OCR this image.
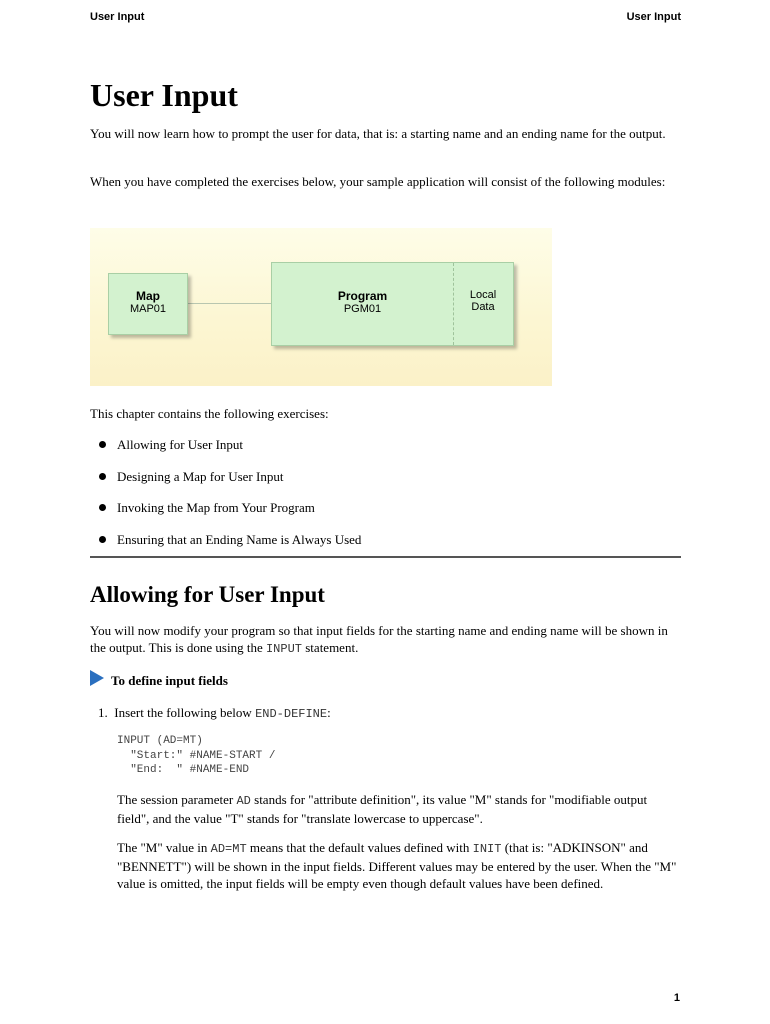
User Input	User Input
User Input

You will now learn how to prompt the user for data, that is: a starting name and an ending name for the output.

When you have completed the exercises below, your sample application will consist of the following modules:

Map
MAP01
Program
PGM01
Local
Data

This chapter contains the following exercises:

Allowing for User Input
Designing a Map for User Input
Invoking the Map from Your Program
Ensuring that an Ending Name is Always Used
Allowing for User Input

You will now modify your program so that input fields for the starting name and ending name will be shown in the output. This is done using the INPUT statement.

To define input fields
1. Insert the following below END-DEFINE:
INPUT (AD=MT)
"Start:" #NAME-START /
"End:  " #NAME-END

The session parameter AD stands for "attribute definition", its value "M" stands for "modifiable output field", and the value "T" stands for "translate lowercase to uppercase".

The "M" value in AD=MT means that the default values defined with INIT (that is: "ADKINSON" and "BENNETT") will be shown in the input fields. Different values may be entered by the user. When the "M" value is omitted, the input fields will be empty even though default values have been defined.

1
